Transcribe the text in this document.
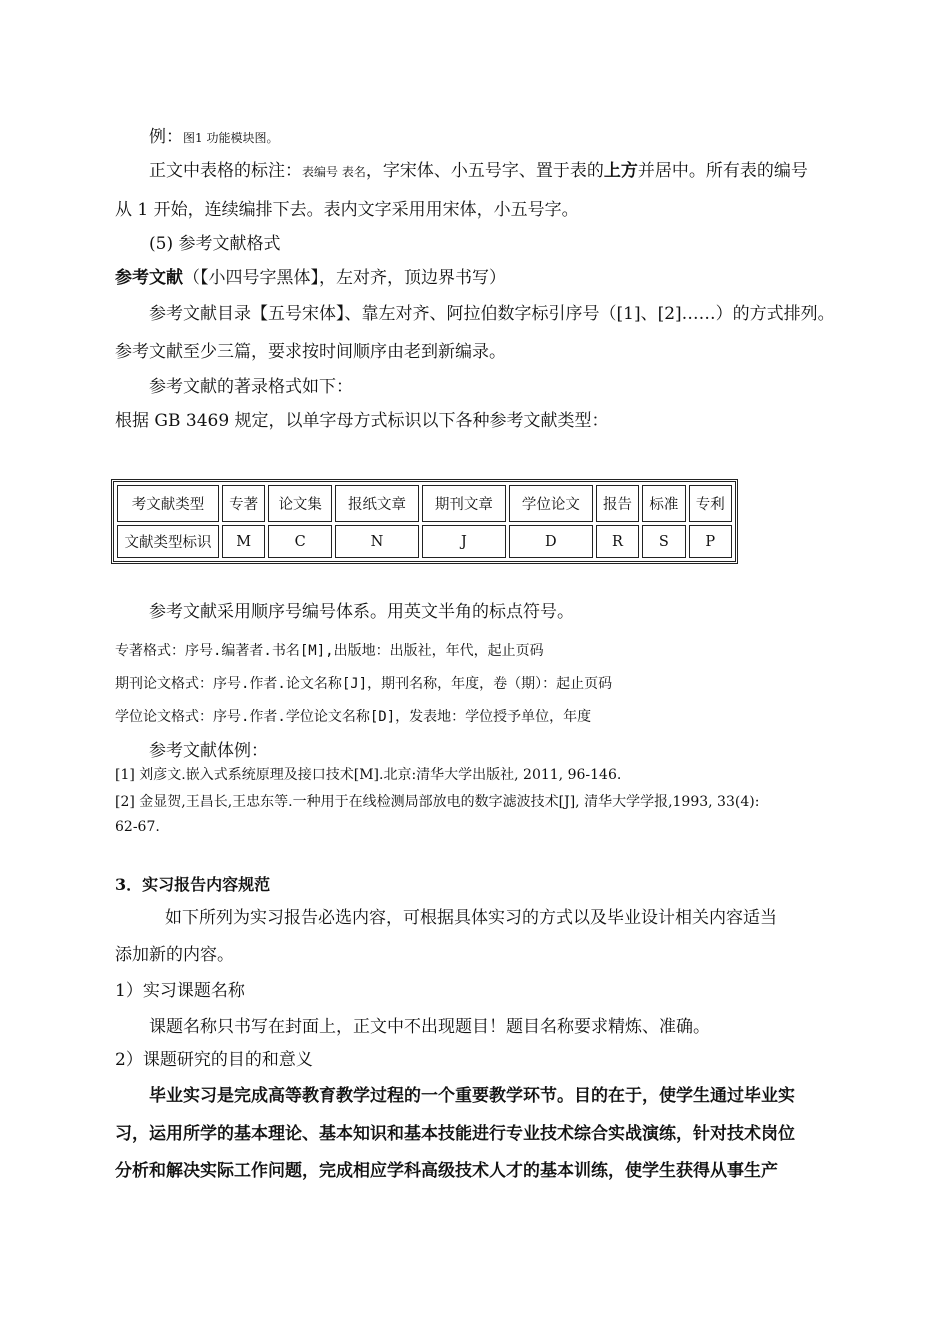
例：图1 功能模块图。
正文中表格的标注：表编号 表名，字宋体、小五号字、置于表的上方并居中。所有表的编号
从 1 开始，连续编排下去。表内文字采用用宋体，小五号字。
(5) 参考文献格式
参考文献（【小四号字黑体】，左对齐，顶边界书写）
参考文献目录【五号宋体】、靠左对齐、阿拉伯数字标引序号（[1]、[2]……）的方式排列。
参考文献至少三篇，要求按时间顺序由老到新编录。
参考文献的著录格式如下：
根据 GB 3469 规定，以单字母方式标识以下各种参考文献类型：
考文献类型	专著	论文集	报纸文章	期刊文章	学位论文	报告	标准	专利
文献类型标识	M	C	N	J	D	R	S	P
参考文献采用顺序号编号体系。用英文半角的标点符号。
专著格式：序号.编著者.书名[M],出版地：出版社，年代，起止页码
期刊论文格式：序号.作者.论文名称[J]，期刊名称，年度，卷（期）：起止页码
学位论文格式：序号.作者.学位论文名称[D]，发表地：学位授予单位，年度
参考文献体例：
[1] 刘彦文.嵌入式系统原理及接口技术[M].北京:清华大学出版社, 2011, 96-146.
[2] 金显贺,王昌长,王忠东等.一种用于在线检测局部放电的数字滤波技术[J], 清华大学学报,1993, 33(4):
62-67.
3．实习报告内容规范
如下所列为实习报告必选内容，可根据具体实习的方式以及毕业设计相关内容适当
添加新的内容。
1）实习课题名称
课题名称只书写在封面上，正文中不出现题目！题目名称要求精炼、准确。
2）课题研究的目的和意义
毕业实习是完成高等教育教学过程的一个重要教学环节。目的在于，使学生通过毕业实
习，运用所学的基本理论、基本知识和基本技能进行专业技术综合实战演练，针对技术岗位
分析和解决实际工作问题，完成相应学科高级技术人才的基本训练，使学生获得从事生产
